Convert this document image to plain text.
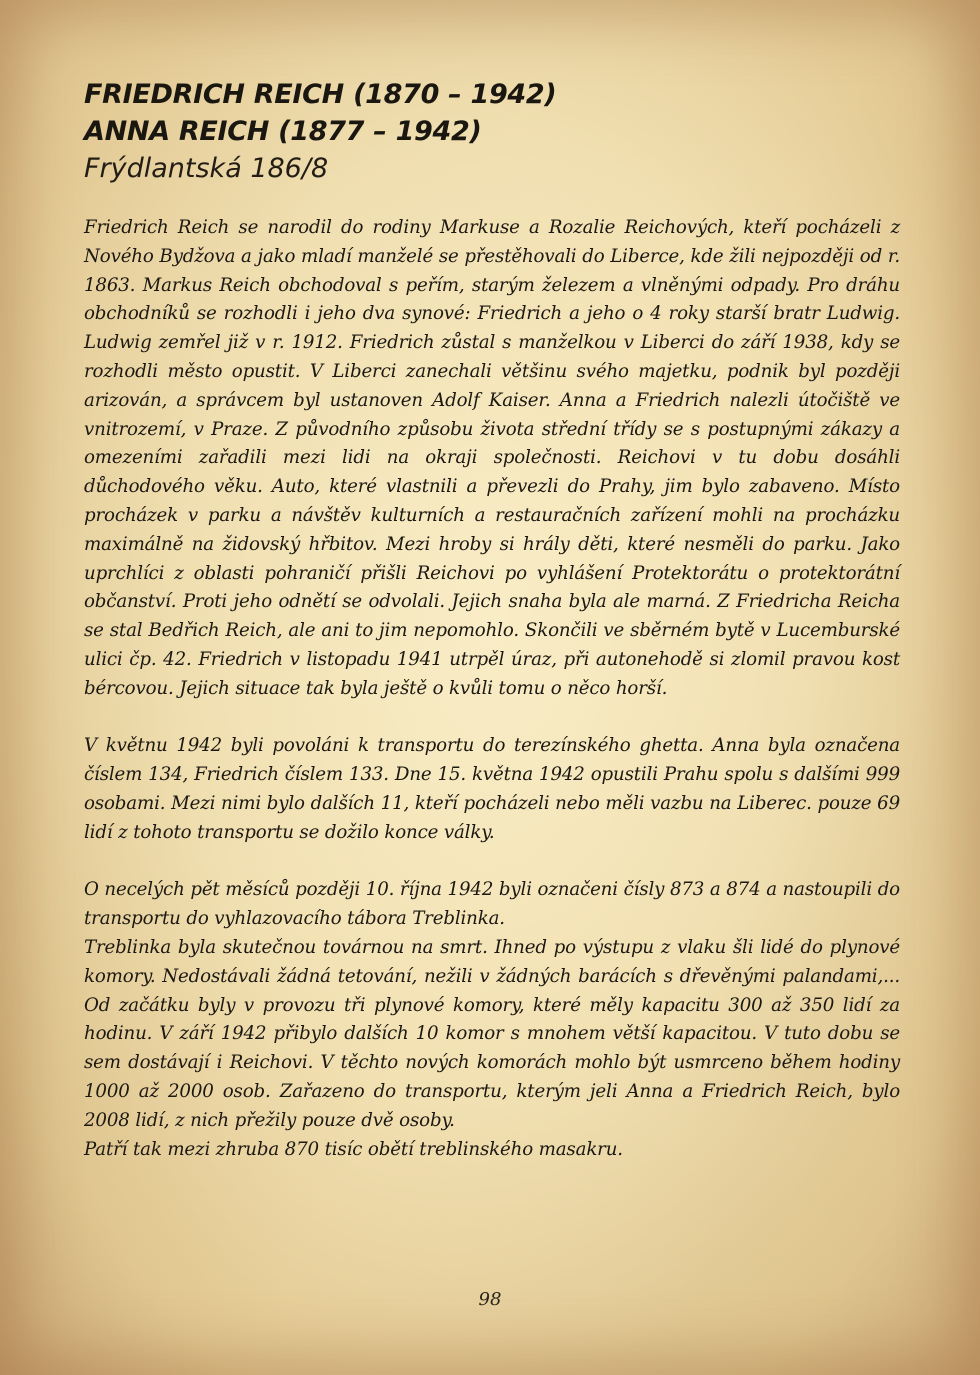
FRIEDRICH REICH (1870 – 1942)
ANNA REICH (1877 – 1942)
Frýdlantská 186/8

Friedrich Reich se narodil do rodiny Markuse a Rozalie Reichových, kteří pocházeli z Nového Bydžova a jako mladí manželé se přestěhovali do Liberce, kde žili nejpozději od r. 1863. Markus Reich obchodoval s peřím, starým železem a vlněnými odpady. Pro dráhu obchodníků se rozhodli i jeho dva synové: Friedrich a jeho o 4 roky starší bratr Ludwig. Ludwig zemřel již v r. 1912. Friedrich zůstal s manželkou v Liberci do září 1938, kdy se rozhodli město opustit. V Liberci zanechali většinu svého majetku, podnik byl později arizován, a správcem byl ustanoven Adolf Kaiser. Anna a Friedrich nalezli útočiště ve vnitrozemí, v Praze. Z původního způsobu života střední třídy se s postupnými zákazy a omezeními zařadili mezi lidi na okraji společnosti. Reichovi v tu dobu dosáhli důchodového věku. Auto, které vlastnili a převezli do Prahy, jim bylo zabaveno. Místo procházek v parku a návštěv kulturních a restauračních zařízení mohli na procházku maximálně na židovský hřbitov. Mezi hroby si hrály děti, které nesměli do parku. Jako uprchlíci z oblasti pohraničí přišli Reichovi po vyhlášení Protektorátu o protektorátní občanství. Proti jeho odnětí se odvolali. Jejich snaha byla ale marná. Z Friedricha Reicha se stal Bedřich Reich, ale ani to jim nepomohlo. Skončili ve sběrném bytě v Lucemburské ulici čp. 42. Friedrich v listopadu 1941 utrpěl úraz, při autonehodě si zlomil pravou kost bércovou. Jejich situace tak byla ještě o kvůli tomu o něco horší.

V květnu 1942 byli povoláni k transportu do terezínského ghetta. Anna byla označena číslem 134, Friedrich číslem 133. Dne 15. května 1942 opustili Prahu spolu s dalšími 999 osobami. Mezi nimi bylo dalších 11, kteří pocházeli nebo měli vazbu na Liberec. pouze 69 lidí z tohoto transportu se dožilo konce války.

O necelých pět měsíců později 10. října 1942 byli označeni čísly 873 a 874 a nastoupili do transportu do vyhlazovacího tábora Treblinka.

Treblinka byla skutečnou továrnou na smrt. Ihned po výstupu z vlaku šli lidé do plynové komory. Nedostávali žádná tetování, nežili v žádných barácích s dřevěnými palandami,... Od začátku byly v provozu tři plynové komory, které měly kapacitu 300 až 350 lidí za hodinu. V září 1942 přibylo dalších 10 komor s mnohem větší kapacitou. V tuto dobu se sem dostávají i Reichovi. V těchto nových komorách mohlo být usmrceno během hodiny 1000 až 2000 osob. Zařazeno do transportu, kterým jeli Anna a Friedrich Reich, bylo 2008 lidí, z nich přežily pouze dvě osoby.

Patří tak mezi zhruba 870 tisíc obětí treblinského masakru.

98
